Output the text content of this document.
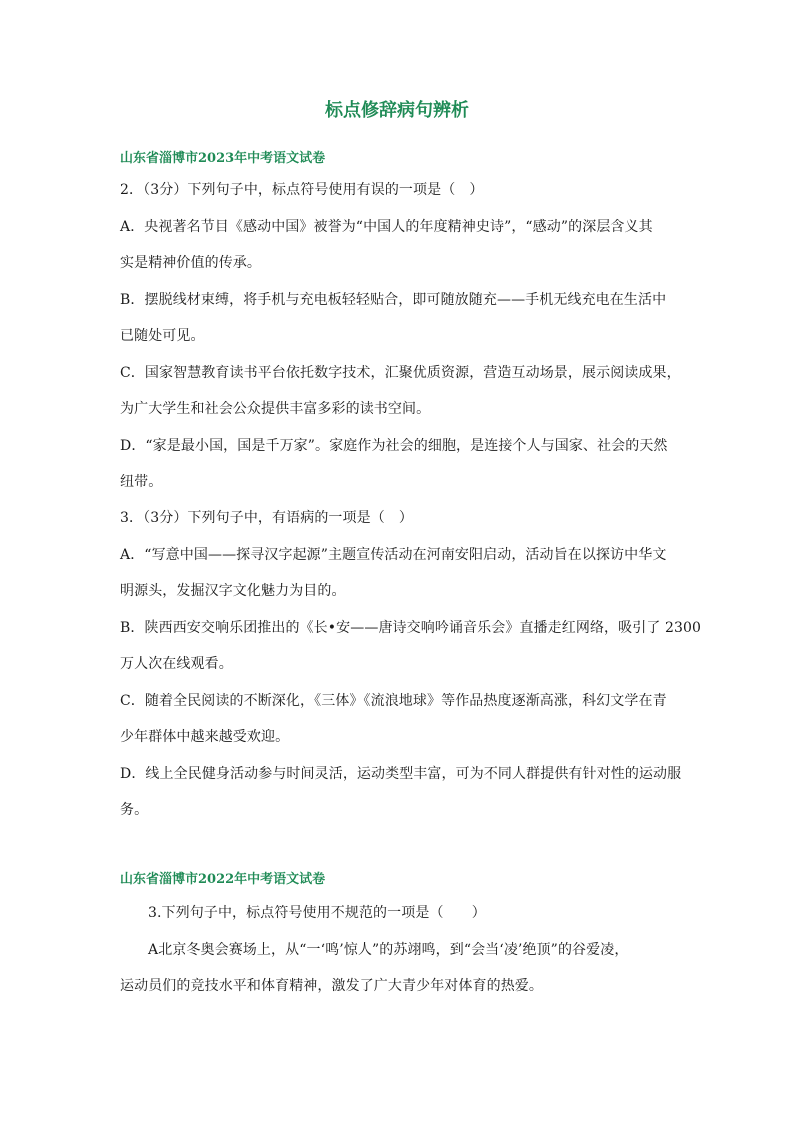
标点修辞病句辨析
山东省淄博市2023年中考语文试卷
2．（3分）下列句子中，标点符号使用有误的一项是（　）
A．央视著名节目《感动中国》被誉为“中国人的年度精神史诗”，“感动”的深层含义其
实是精神价值的传承。
B．摆脱线材束缚，将手机与充电板轻轻贴合，即可随放随充——手机无线充电在生活中
已随处可见。
C．国家智慧教育读书平台依托数字技术，汇聚优质资源，营造互动场景，展示阅读成果，
为广大学生和社会公众提供丰富多彩的读书空间。
D．“家是最小国，国是千万家”。家庭作为社会的细胞，是连接个人与国家、社会的天然
纽带。
3．（3分）下列句子中，有语病的一项是（　）
A．“写意中国——探寻汉字起源”主题宣传活动在河南安阳启动，活动旨在以探访中华文
明源头，发掘汉字文化魅力为目的。
B．陕西西安交响乐团推出的《长•安——唐诗交响吟诵音乐会》直播走红网络，吸引了 2300
万人次在线观看。
C．随着全民阅读的不断深化，《三体》《流浪地球》等作品热度逐渐高涨，科幻文学在青
少年群体中越来越受欢迎。
D．线上全民健身活动参与时间灵活，运动类型丰富，可为不同人群提供有针对性的运动服
务。
山东省淄博市2022年中考语文试卷
3.下列句子中，标点符号使用不规范的一项是（　　）
A北京冬奥会赛场上，从“一‘鸣’惊人”的苏翊鸣，到“会当‘凌’绝顶”的谷爱凌，
运动员们的竞技水平和体育精神，激发了广大青少年对体育的热爱。
